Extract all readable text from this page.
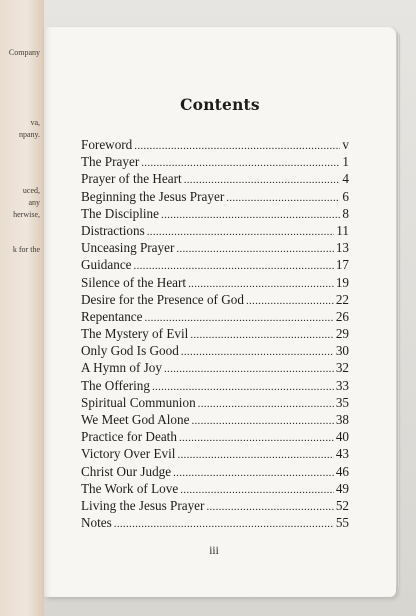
Company
va,
npany.
uced,
any
herwise,
k for the
Contents
Foreword .....	v
The Prayer .....	1
Prayer of the Heart .....	4
Beginning the Jesus Prayer .....	6
The Discipline .....	8
Distractions .....	11
Unceasing Prayer .....	13
Guidance .....	17
Silence of the Heart .....	19
Desire for the Presence of God .....	22
Repentance .....	26
The Mystery of Evil .....	29
Only God Is Good .....	30
A Hymn of Joy .....	32
The Offering .....	33
Spiritual Communion .....	35
We Meet God Alone .....	38
Practice for Death .....	40
Victory Over Evil .....	43
Christ Our Judge .....	46
The Work of Love .....	49
Living the Jesus Prayer .....	52
Notes .....	55
iii
